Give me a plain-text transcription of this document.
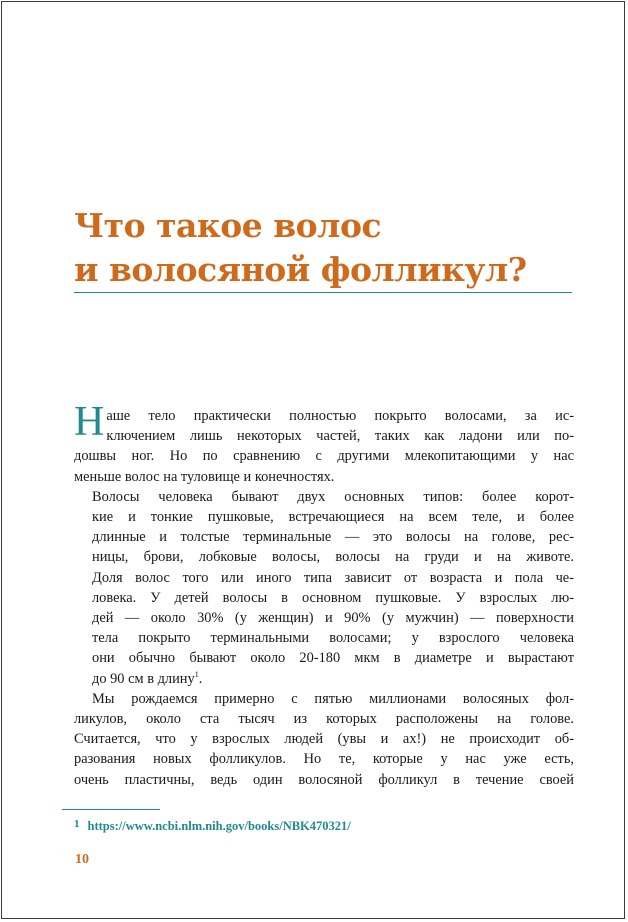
Что такое волос
и волосяной фолликул?

Н аше тело практически полностью покрыто волосами, за ис-
ключением лишь некоторых частей, таких как ладони или по-
дошвы ног. Но по сравнению с другими млекопитающими у нас
меньше волос на туловище и конечностях.

Волосы человека бывают двух основных типов: более корот-
кие и тонкие пушковые, встречающиеся на всем теле, и более
длинные и толстые терминальные — это волосы на голове, рес-
ницы, брови, лобковые волосы, волосы на груди и на животе.
Доля волос того или иного типа зависит от возраста и пола че-
ловека. У детей волосы в основном пушковые. У взрослых лю-
дей — около 30% (у женщин) и 90% (у мужчин) — поверхности
тела покрыто терминальными волосами; у взрослого человека
они обычно бывают около 20-180 мкм в диаметре и вырастают
до 90 см в длину$^1$.

Мы рождаемся примерно с пятью миллионами волосяных фол-
ликулов, около ста тысяч из которых расположены на голове.
Считается, что у взрослых людей (увы и ах!) не происходит об-
разования новых фолликулов. Но те, которые у нас уже есть,
очень пластичны, ведь один волосяной фолликул в течение своей

1 https://www.ncbi.nlm.nih.gov/books/NBK470321/
10
